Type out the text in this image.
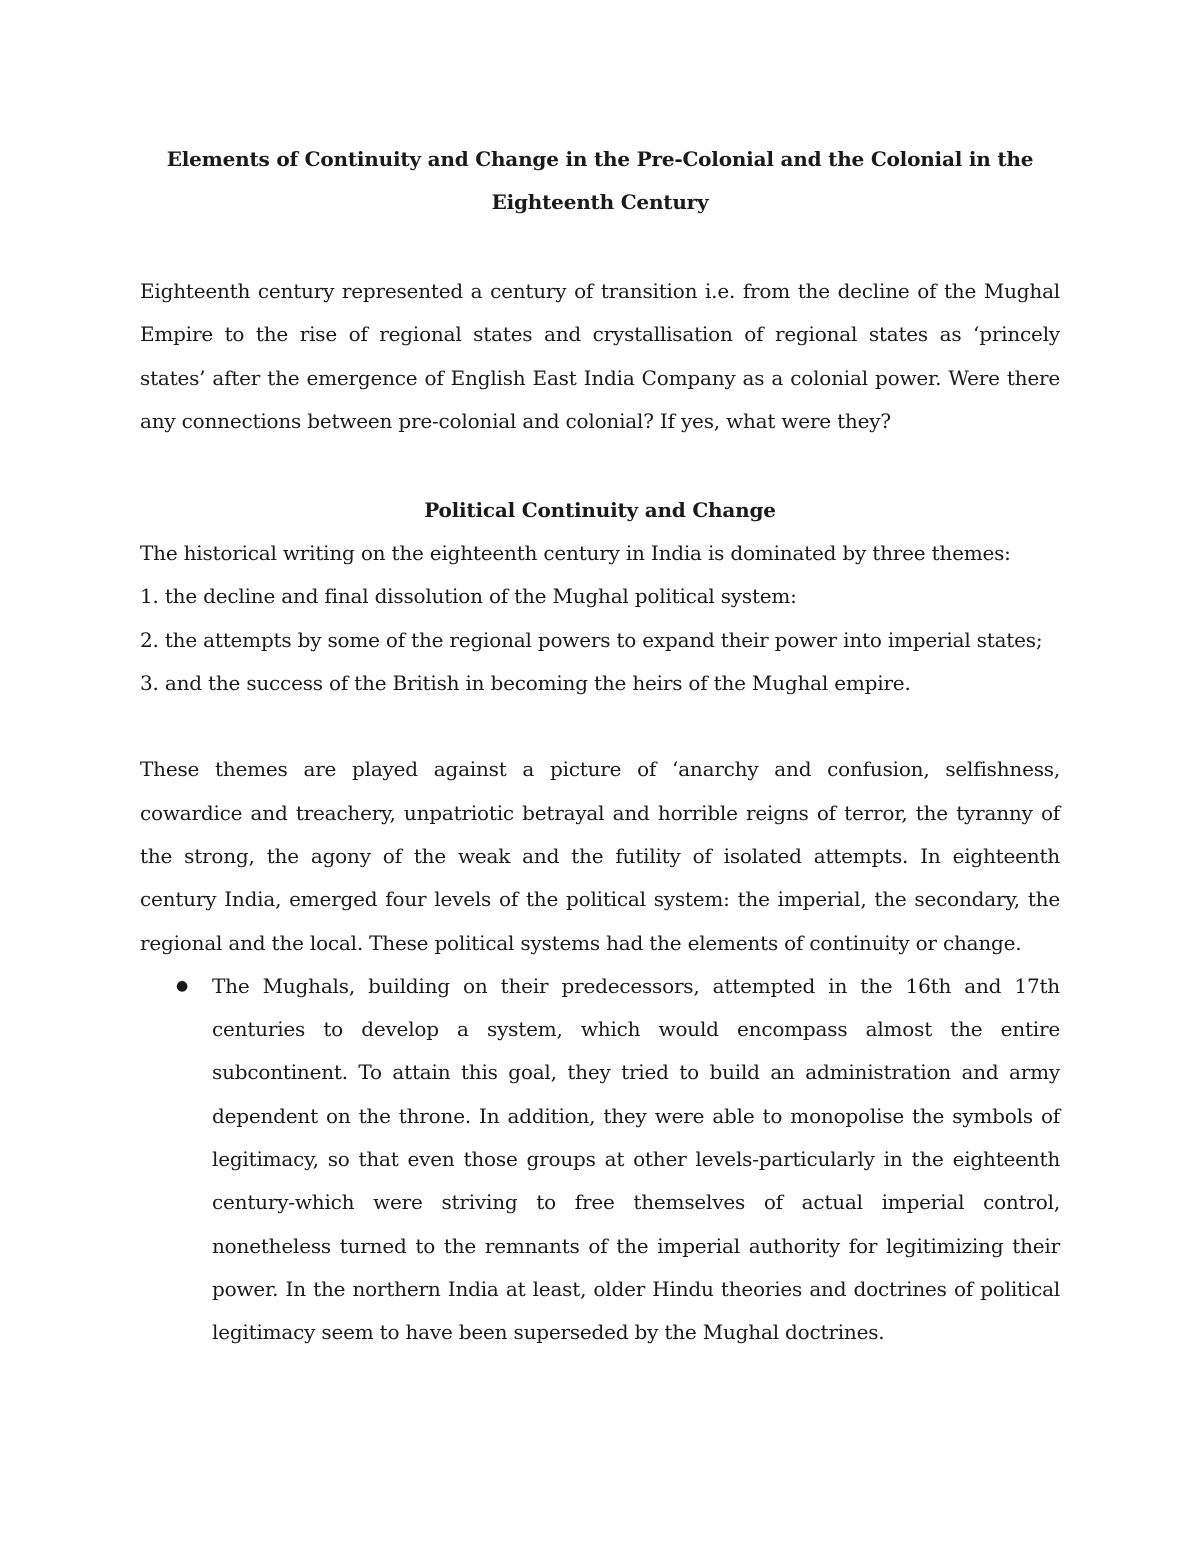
Elements of Continuity and Change in the Pre-Colonial and the Colonial in the Eighteenth Century

Eighteenth century represented a century of transition i.e. from the decline of the Mughal Empire to the rise of regional states and crystallisation of regional states as ‘princely states’ after the emergence of English East India Company as a colonial power. Were there any connections between pre-colonial and colonial? If yes, what were they?

Political Continuity and Change

The historical writing on the eighteenth century in India is dominated by three themes:

1. the decline and final dissolution of the Mughal political system:
2. the attempts by some of the regional powers to expand their power into imperial states;
3. and the success of the British in becoming the heirs of the Mughal empire.

These themes are played against a picture of ‘anarchy and confusion, selfishness, cowardice and treachery, unpatriotic betrayal and horrible reigns of terror, the tyranny of the strong, the agony of the weak and the futility of isolated attempts. In eighteenth century India, emerged four levels of the political system: the imperial, the secondary, the regional and the local. These political systems had the elements of continuity or change.

● The Mughals, building on their predecessors, attempted in the 16th and 17th centuries to develop a system, which would encompass almost the entire subcontinent. To attain this goal, they tried to build an administration and army dependent on the throne. In addition, they were able to monopolise the symbols of legitimacy, so that even those groups at other levels-particularly in the eighteenth century-which were striving to free themselves of actual imperial control, nonetheless turned to the remnants of the imperial authority for legitimizing their power. In the northern India at least, older Hindu theories and doctrines of political legitimacy seem to have been superseded by the Mughal doctrines.
